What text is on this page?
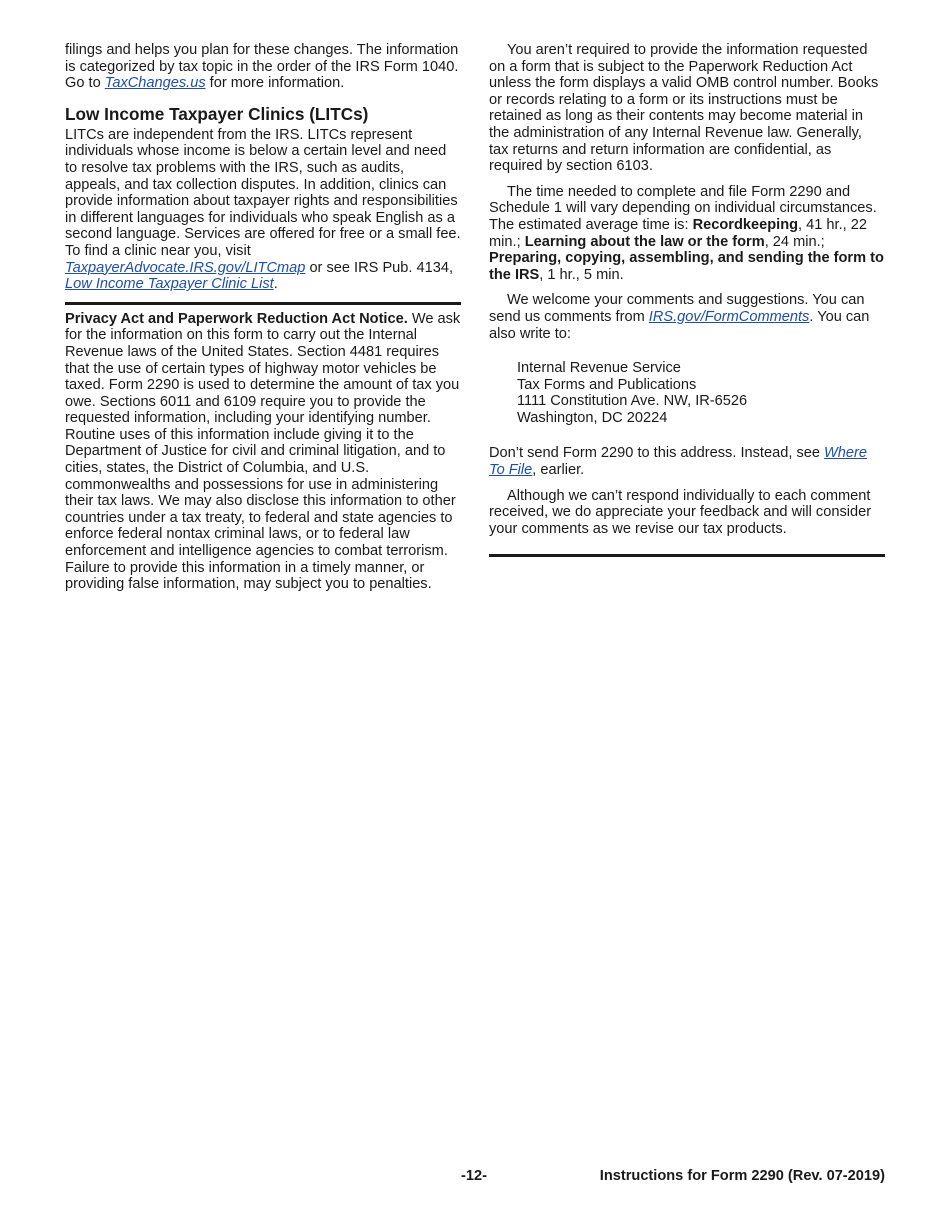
filings and helps you plan for these changes. The information is categorized by tax topic in the order of the IRS Form 1040. Go to TaxChanges.us for more information.

Low Income Taxpayer Clinics (LITCs)

LITCs are independent from the IRS. LITCs represent individuals whose income is below a certain level and need to resolve tax problems with the IRS, such as audits, appeals, and tax collection disputes. In addition, clinics can provide information about taxpayer rights and responsibilities in different languages for individuals who speak English as a second language. Services are offered for free or a small fee. To find a clinic near you, visit TaxpayerAdvocate.IRS.gov/LITCmap or see IRS Pub. 4134, Low Income Taxpayer Clinic List.

Privacy Act and Paperwork Reduction Act Notice. We ask for the information on this form to carry out the Internal Revenue laws of the United States. Section 4481 requires that the use of certain types of highway motor vehicles be taxed. Form 2290 is used to determine the amount of tax you owe. Sections 6011 and 6109 require you to provide the requested information, including your identifying number. Routine uses of this information include giving it to the Department of Justice for civil and criminal litigation, and to cities, states, the District of Columbia, and U.S. commonwealths and possessions for use in administering their tax laws. We may also disclose this information to other countries under a tax treaty, to federal and state agencies to enforce federal nontax criminal laws, or to federal law enforcement and intelligence agencies to combat terrorism. Failure to provide this information in a timely manner, or providing false information, may subject you to penalties.

You aren’t required to provide the information requested on a form that is subject to the Paperwork Reduction Act unless the form displays a valid OMB control number. Books or records relating to a form or its instructions must be retained as long as their contents may become material in the administration of any Internal Revenue law. Generally, tax returns and return information are confidential, as required by section 6103.

The time needed to complete and file Form 2290 and Schedule 1 will vary depending on individual circumstances. The estimated average time is: Recordkeeping, 41 hr., 22 min.; Learning about the law or the form, 24 min.; Preparing, copying, assembling, and sending the form to the IRS, 1 hr., 5 min.

We welcome your comments and suggestions. You can send us comments from IRS.gov/FormComments. You can also write to:

Internal Revenue Service
Tax Forms and Publications
1111 Constitution Ave. NW, IR-6526
Washington, DC 20224

Don’t send Form 2290 to this address. Instead, see Where To File, earlier.

Although we can’t respond individually to each comment received, we do appreciate your feedback and will consider your comments as we revise our tax products.

-12-	Instructions for Form 2290 (Rev. 07-2019)
